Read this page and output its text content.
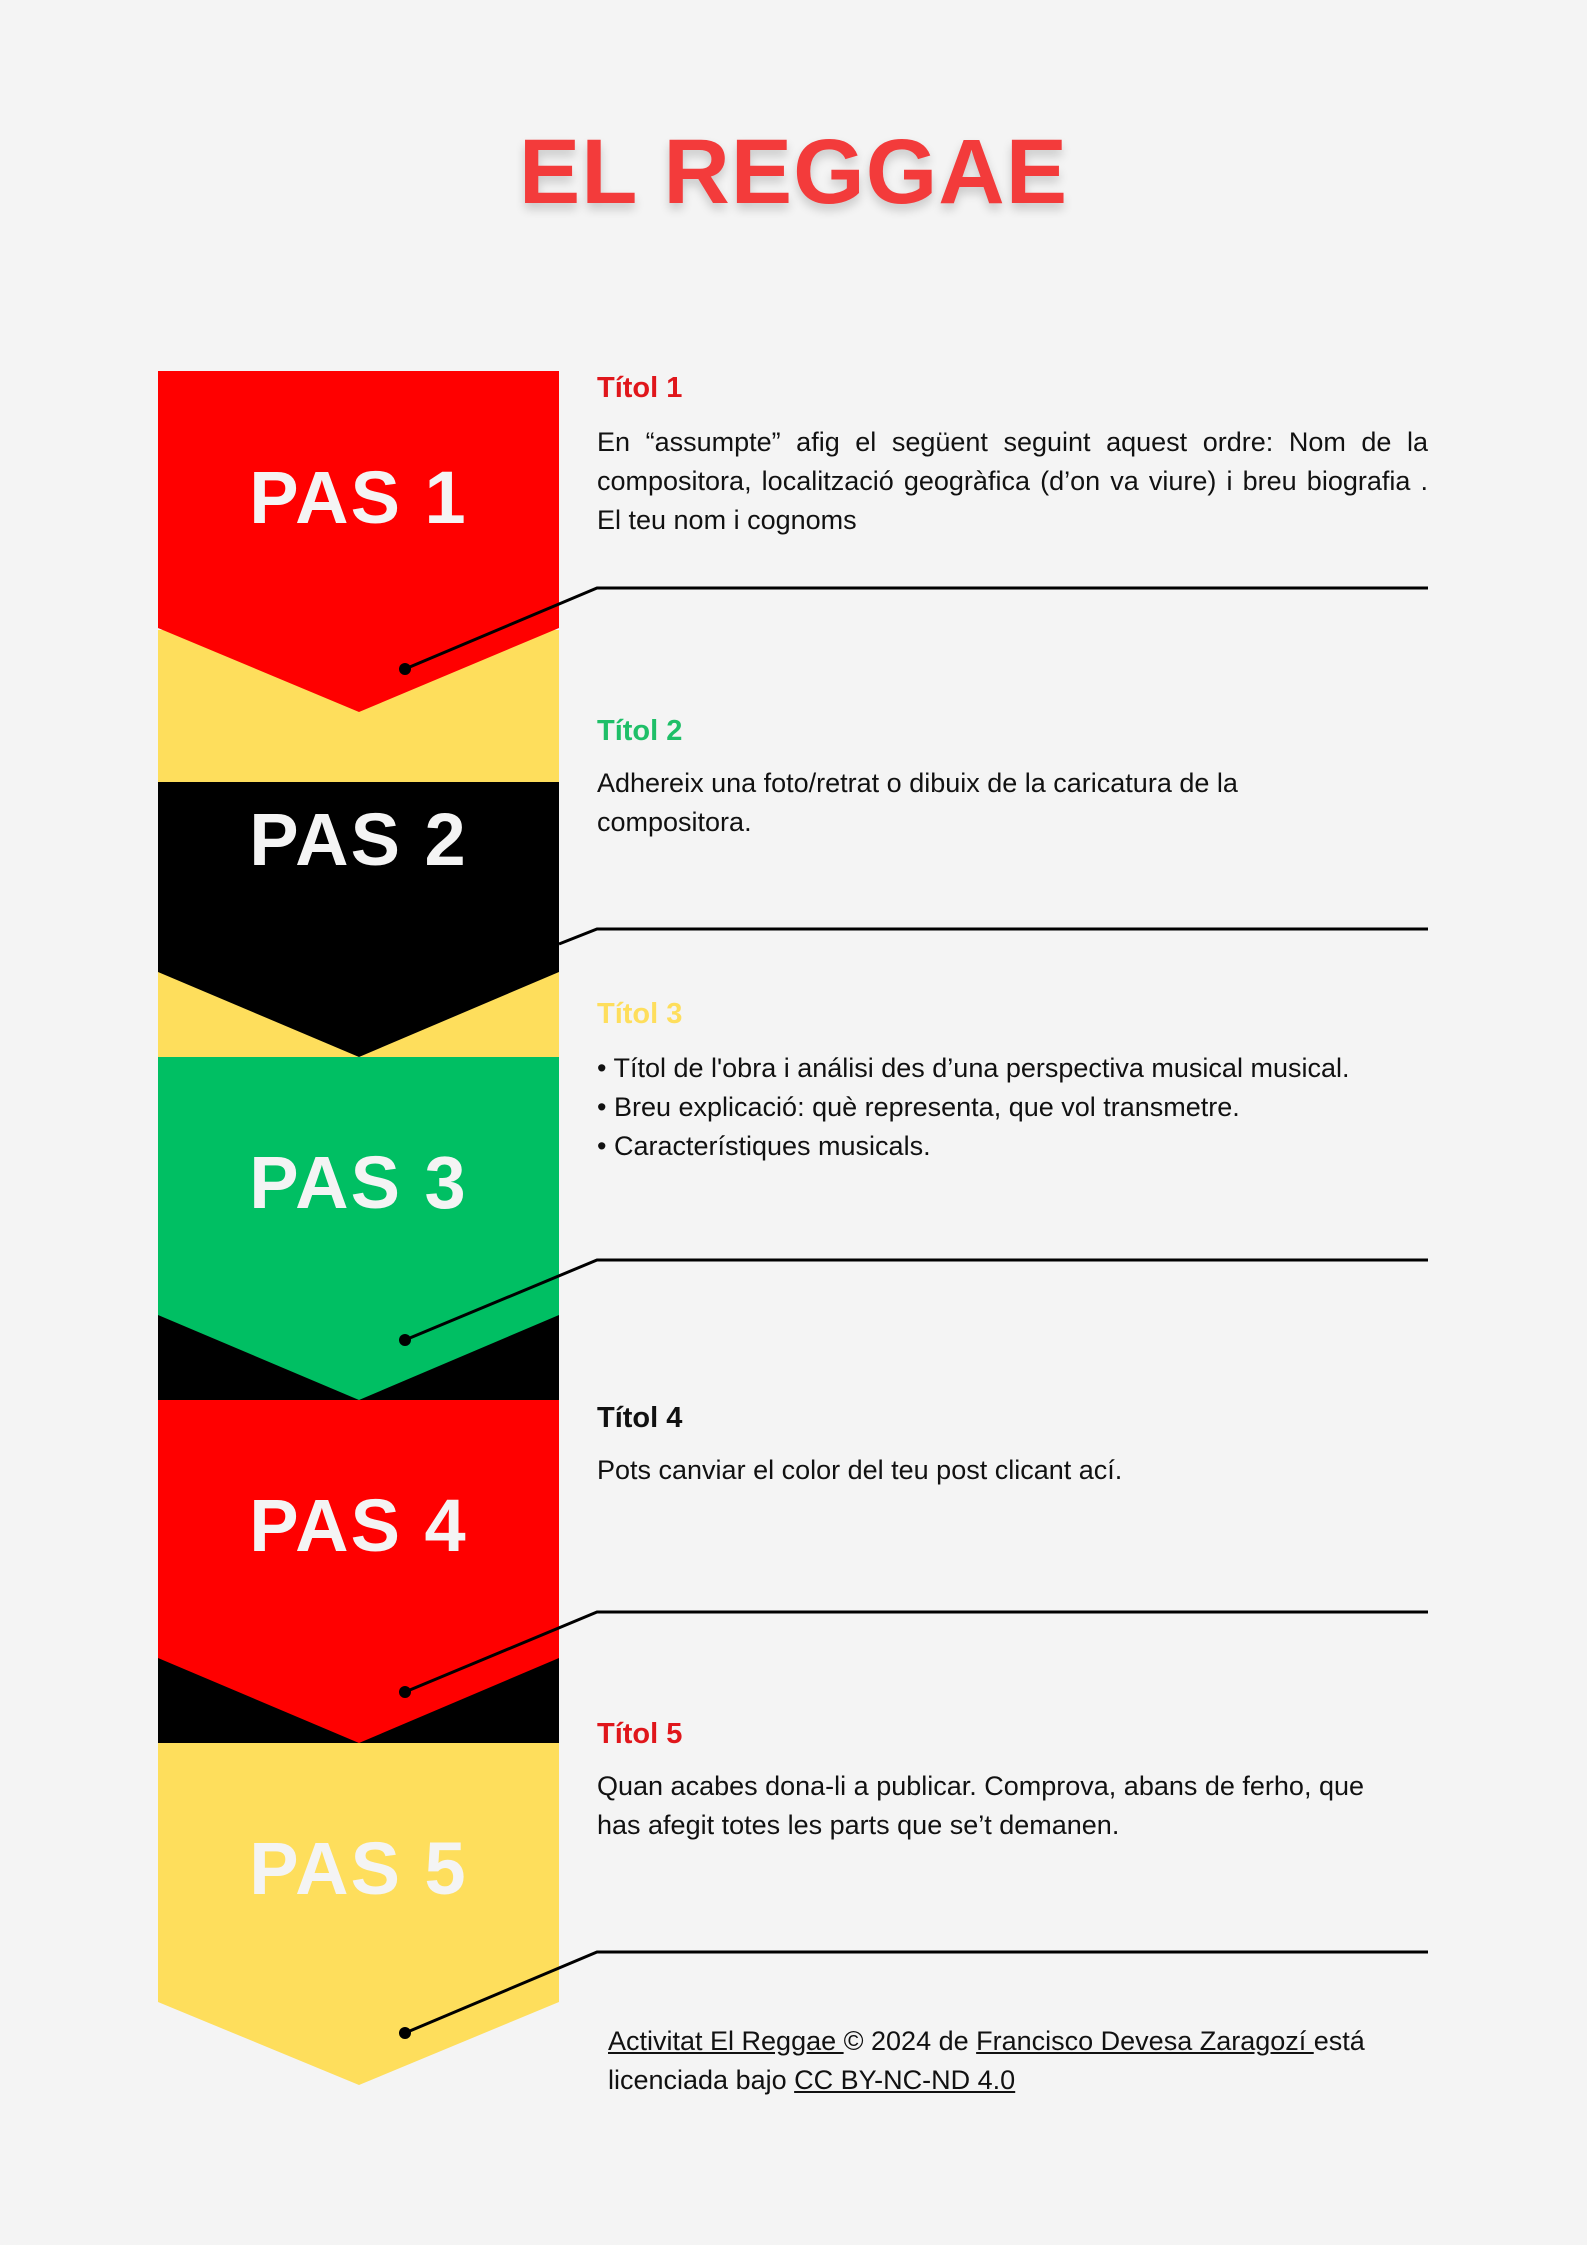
EL REGGAE
PAS 1
PAS 2
PAS 3
PAS 4
PAS 5
Títol 1

En “assumpte” afig el següent seguint aquest ordre: Nom de la compositora, localització geogràfica (d’on va viure) i breu biografia . El teu nom i cognoms

Títol 2

Adhereix una foto/retrat o dibuix de la caricatura de la compositora.

Títol 3
• Títol de l'obra i análisi des d’una perspectiva musical musical.
• Breu explicació: què representa, que vol transmetre.
• Característiques musicals.
Títol 4

Pots canviar el color del teu post clicant ací.

Títol 5

Quan acabes dona-li a publicar. Comprova, abans de ferho, que has afegit totes les parts que se’t demanen.

Activitat El Reggae © 2024 de Francisco Devesa Zaragozí está licenciada bajo CC BY-NC-ND 4.0
